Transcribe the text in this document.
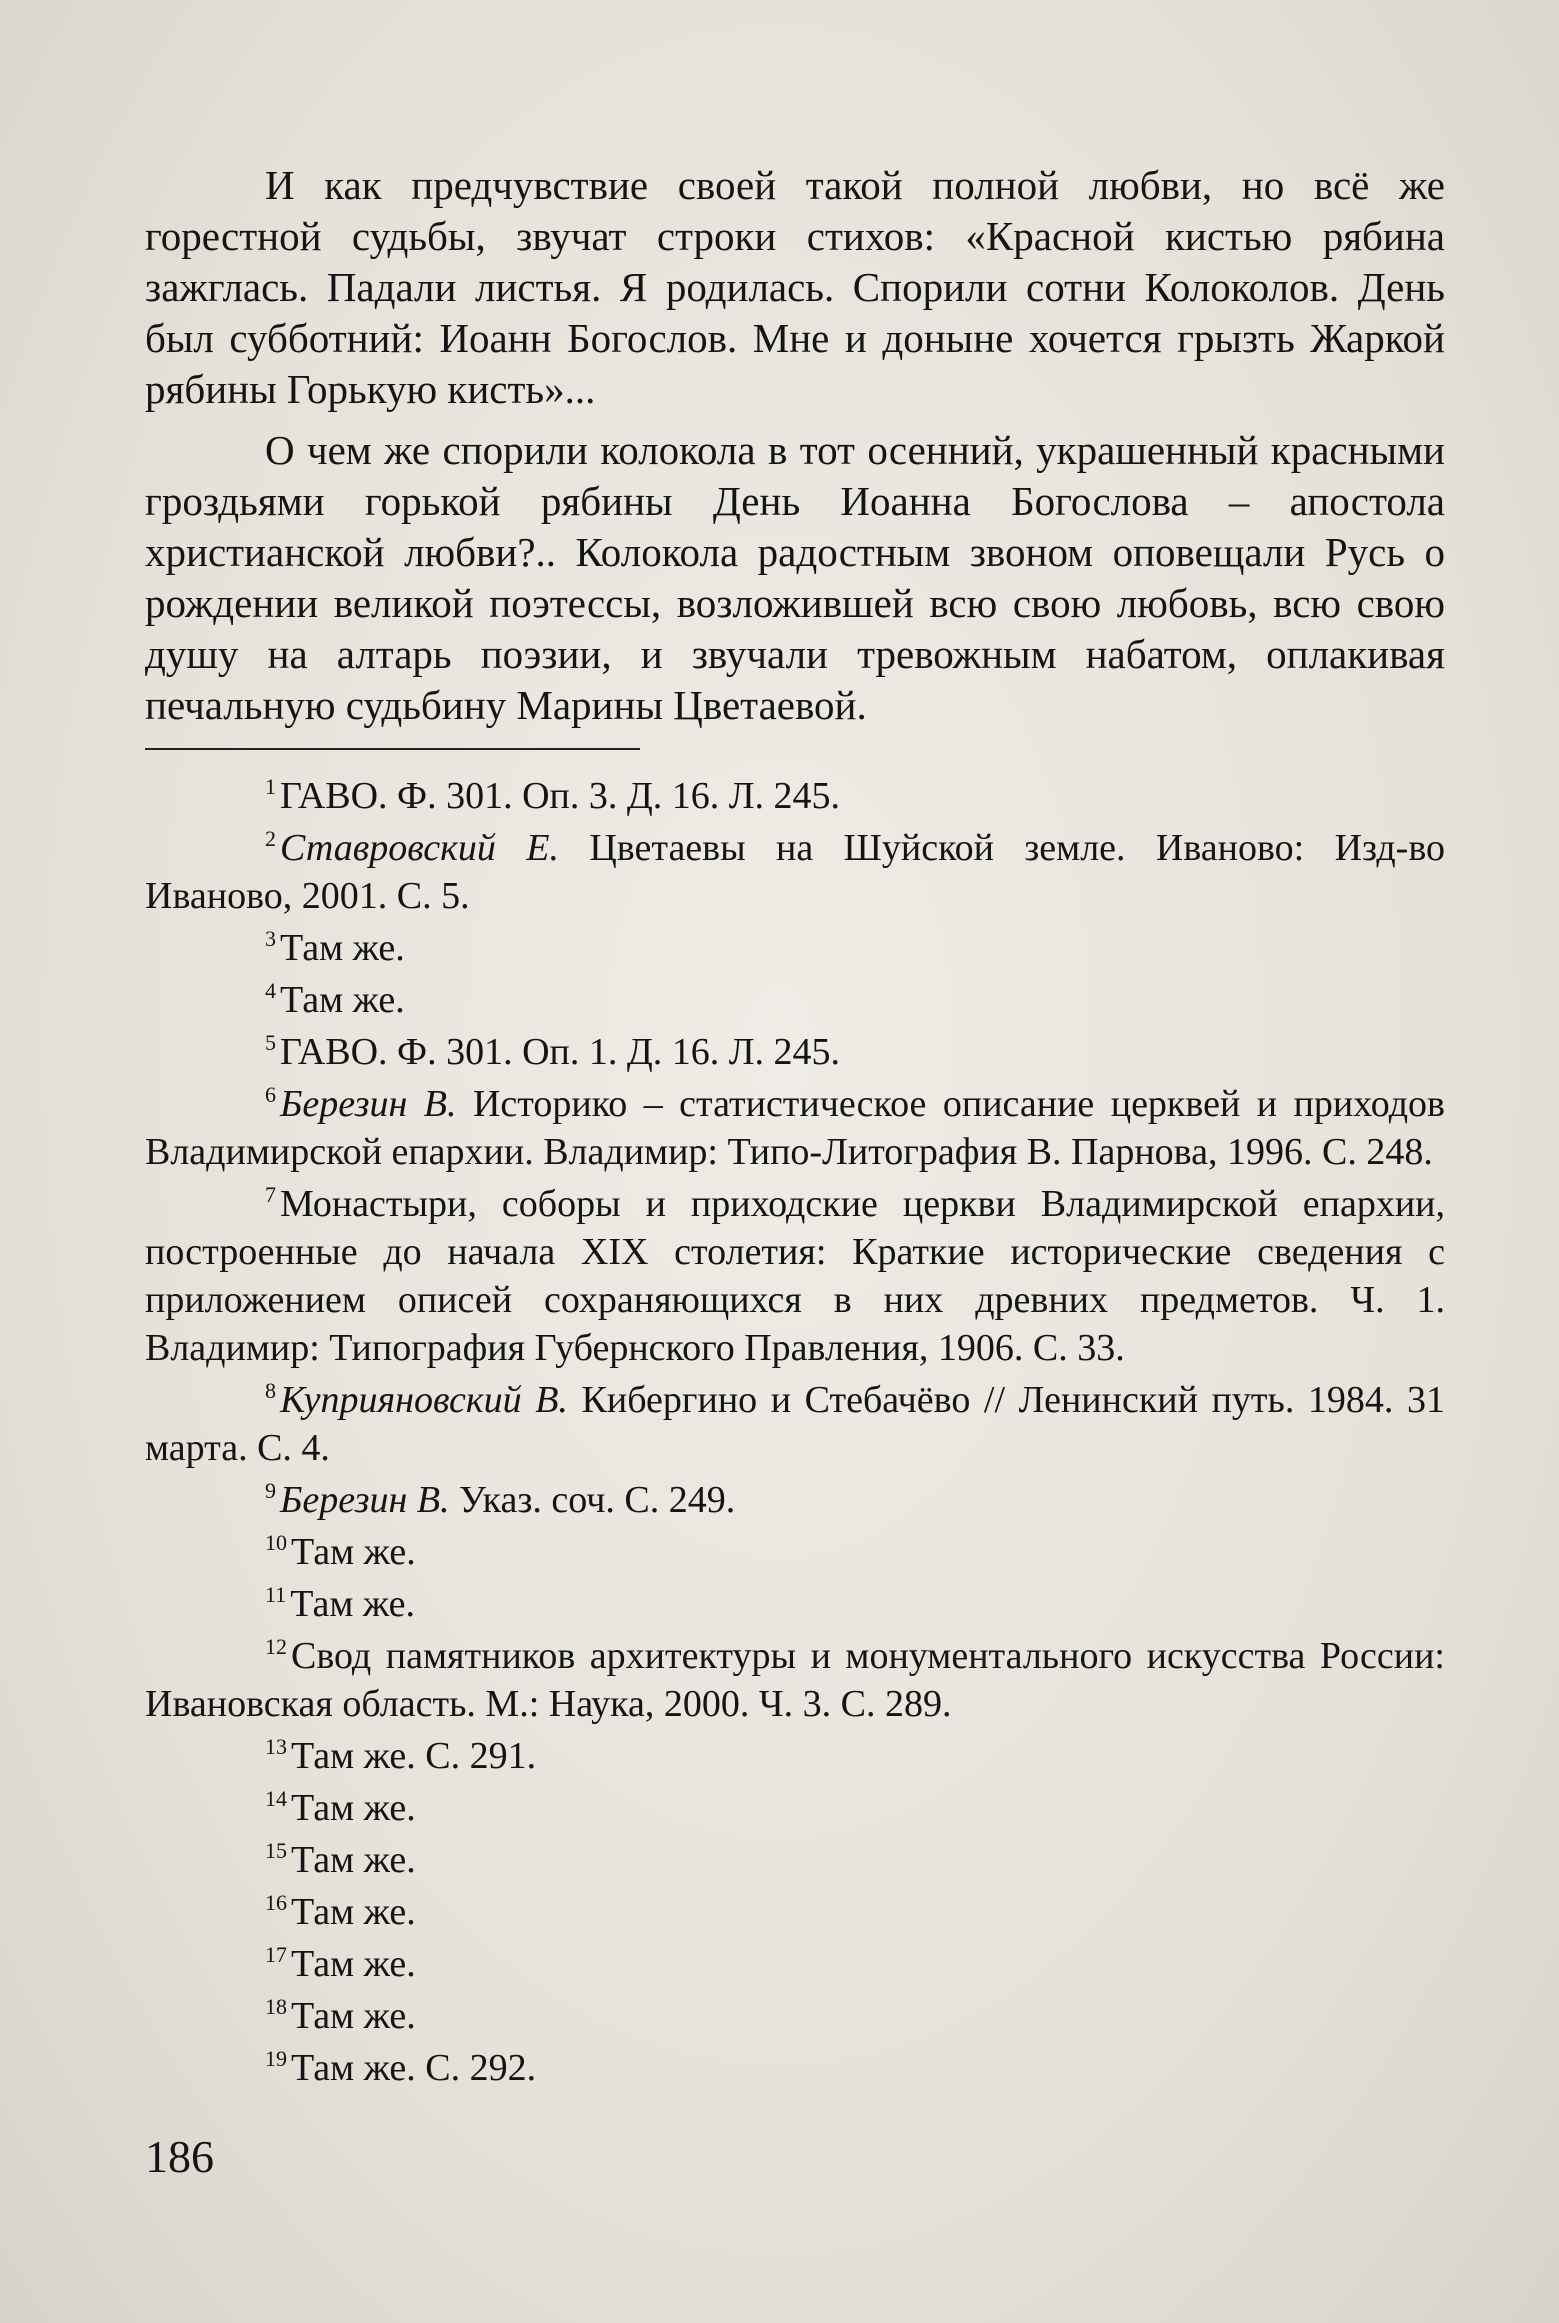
И как предчувствие своей такой полной любви, но всё же горестной судьбы, звучат строки стихов: «Красной кистью рябина зажглась. Падали листья. Я родилась. Спорили сотни Колоколов. День был субботний: Иоанн Богослов. Мне и доныне хочется грызть Жаркой рябины Горькую кисть»...

О чем же спорили колокола в тот осенний, украшенный красными гроздьями горькой рябины День Иоанна Богослова – апостола христианской любви?.. Колокола радостным звоном оповещали Русь о рождении великой поэтессы, возложившей всю свою любовь, всю свою душу на алтарь поэзии, и звучали тревожным набатом, оплакивая печальную судьбину Марины Цветаевой.

$^1$ ГАВО. Ф. 301. Оп. 3. Д. 16. Л. 245.

$^2$ Ставровский Е. Цветаевы на Шуйской земле. Иваново: Изд-во Иваново, 2001. С. 5.

$^3$ Там же.

$^4$ Там же.

$^5$ ГАВО. Ф. 301. Оп. 1. Д. 16. Л. 245.

$^6$ Березин В. Историко – статистическое описание церквей и приходов Владимирской епархии. Владимир: Типо-Литография В. Парнова, 1996. С. 248.

$^7$ Монастыри, соборы и приходские церкви Владимирской епархии, построенные до начала XIX столетия: Краткие исторические сведения с приложением описей сохраняющихся в них древних предметов. Ч. 1. Владимир: Типография Губернского Правления, 1906. С. 33.

$^8$ Куприяновский В. Кибергино и Стебачёво // Ленинский путь. 1984. 31 марта. С. 4.

$^9$ Березин В. Указ. соч. С. 249.

$^{10}$ Там же.

$^{11}$ Там же.

$^{12}$ Свод памятников архитектуры и монументального искусства России: Ивановская область. М.: Наука, 2000. Ч. 3. С. 289.

$^{13}$ Там же. С. 291.

$^{14}$ Там же.

$^{15}$ Там же.

$^{16}$ Там же.

$^{17}$ Там же.

$^{18}$ Там же.

$^{19}$ Там же. С. 292.

186
